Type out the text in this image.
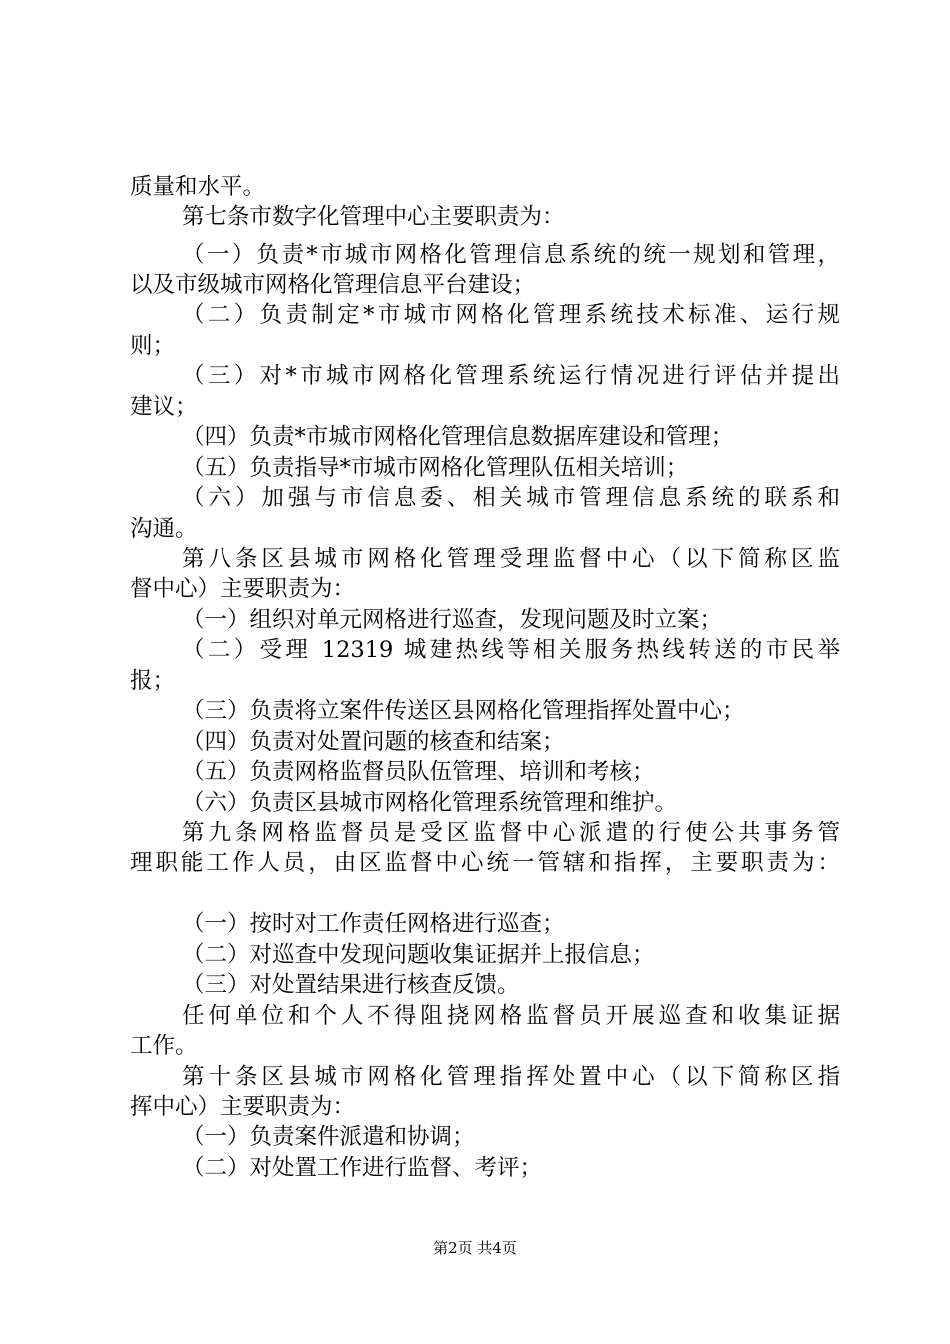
质量和水平。
第七条市数字化管理中心主要职责为：
（一）负责*市城市网格化管理信息系统的统一规划和管理，
以及市级城市网格化管理信息平台建设；
（二）负责制定*市城市网格化管理系统技术标准、运行规
则；
（三）对*市城市网格化管理系统运行情况进行评估并提出
建议；
（四）负责*市城市网格化管理信息数据库建设和管理；
（五）负责指导*市城市网格化管理队伍相关培训；
（六）加强与市信息委、相关城市管理信息系统的联系和
沟通。
第八条区县城市网格化管理受理监督中心（以下简称区监
督中心）主要职责为：
（一）组织对单元网格进行巡查，发现问题及时立案；
（二）受理 12319 城建热线等相关服务热线转送的市民举
报；
（三）负责将立案件传送区县网格化管理指挥处置中心；
（四）负责对处置问题的核查和结案；
（五）负责网格监督员队伍管理、培训和考核；
（六）负责区县城市网格化管理系统管理和维护。
第九条网格监督员是受区监督中心派遣的行使公共事务管
理职能工作人员，由区监督中心统一管辖和指挥，主要职责为：
（一）按时对工作责任网格进行巡查；
（二）对巡查中发现问题收集证据并上报信息；
（三）对处置结果进行核查反馈。
任何单位和个人不得阻挠网格监督员开展巡查和收集证据
工作。
第十条区县城市网格化管理指挥处置中心（以下简称区指
挥中心）主要职责为：
（一）负责案件派遣和协调；
（二）对处置工作进行监督、考评；
第2页 共4页
